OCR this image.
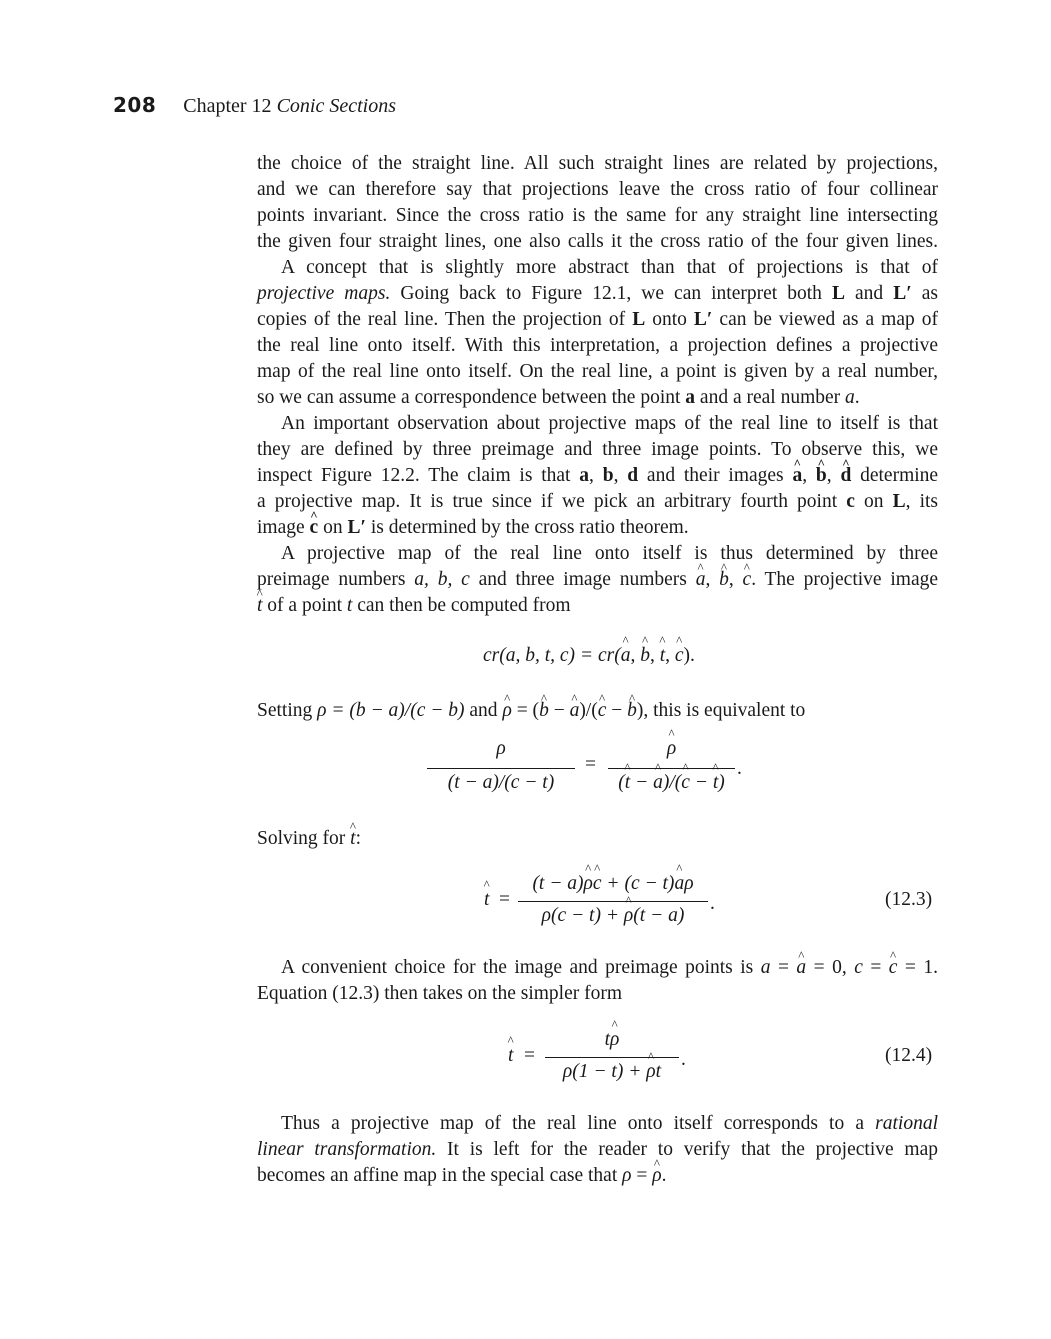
208 Chapter 12 Conic Sections
the choice of the straight line. All such straight lines are related by projections,
and we can therefore say that projections leave the cross ratio of four collinear
points invariant. Since the cross ratio is the same for any straight line intersecting
the given four straight lines, one also calls it the cross ratio of the four given lines.
A concept that is slightly more abstract than that of projections is that of
projective maps. Going back to Figure 12.1, we can interpret both L and L′ as
copies of the real line. Then the projection of L onto L′ can be viewed as a map of
the real line onto itself. With this interpretation, a projection defines a projective
map of the real line onto itself. On the real line, a point is given by a real number,
so we can assume a correspondence between the point a and a real number a.
An important observation about projective maps of the real line to itself is that
they are defined by three preimage and three image points. To observe this, we
inspect Figure 12.2. The claim is that a, b, d and their images ^ a, ^ b, ^ d determine
a projective map. It is true since if we pick an arbitrary fourth point c on L, its
image ^ c on L′ is determined by the cross ratio theorem.
A projective map of the real line onto itself is thus determined by three
preimage numbers a, b, c and three image numbers ^ a, ^ b, ^ c. The projective image
^ t of a point t can then be computed from
cr(a, b, t, c) = cr(^ a, ^ b, ^ t, ^ c).
Setting ρ = (b − a)/(c − b) and ^ ρ = (^ b − ^ a)/(^ c − ^ b), this is equivalent to
ρ
(t − a)/(c − t)
=
^ ρ
(^ t − ^ a)/(^ c − ^ t)
.
Solving for ^ t:
^ t =
(t − a)^ ρ^ c + (c − t)^ aρ
ρ(c − t) + ^ ρ(t − a)
.	(12.3)
A convenient choice for the image and preimage points is a = ^ a = 0, c = ^ c = 1.
Equation (12.3) then takes on the simpler form
^ t =
t^ ρ
ρ(1 − t) + ^ ρt
.	(12.4)
Thus a projective map of the real line onto itself corresponds to a rational
linear transformation. It is left for the reader to verify that the projective map
becomes an affine map in the special case that ρ = ^ ρ.
